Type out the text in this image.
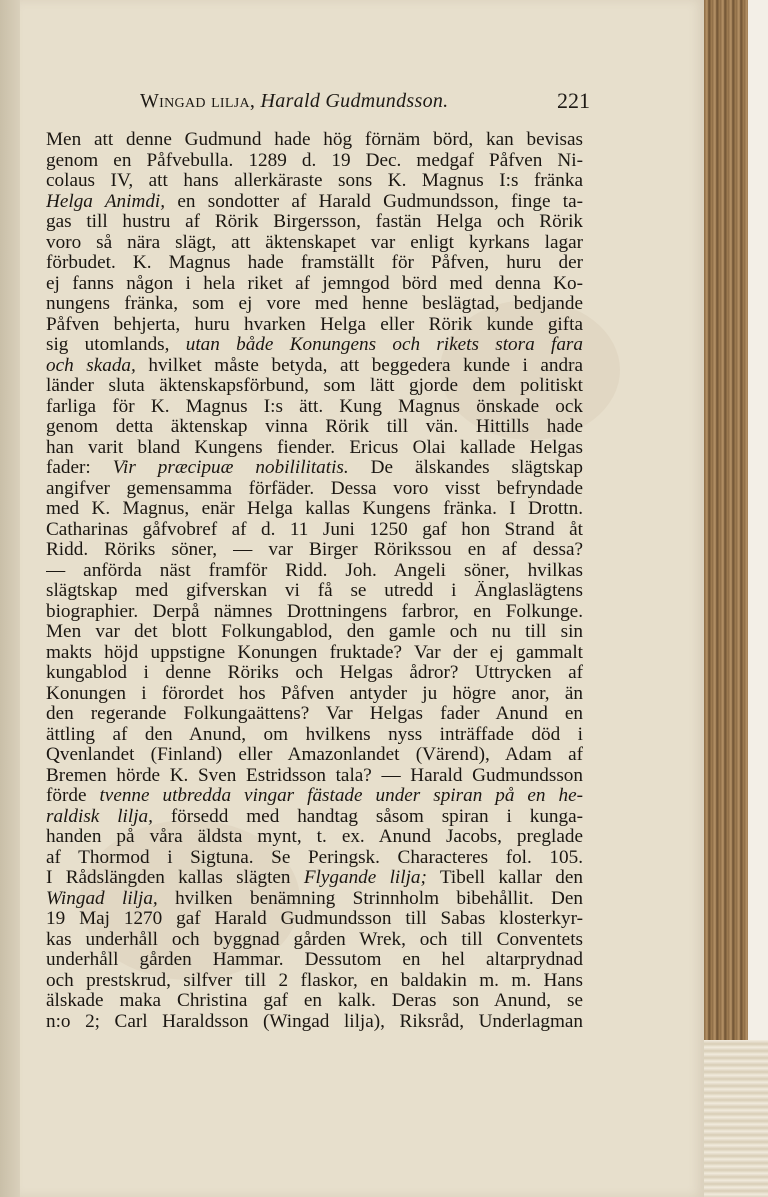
Wingad lilja, Harald Gudmundsson.	221
Men att denne Gudmund hade hög förnäm börd, kan bevisas
genom en Påfvebulla. 1289 d. 19 Dec. medgaf Påfven Ni-
colaus IV, att hans allerkäraste sons K. Magnus I:s fränka
Helga Animdi, en sondotter af Harald Gudmundsson, finge ta-
gas till hustru af Rörik Birgersson, fastän Helga och Rörik
voro så nära slägt, att äktenskapet var enligt kyrkans lagar
förbudet. K. Magnus hade framställt för Påfven, huru der
ej fanns någon i hela riket af jemngod börd med denna Ko-
nungens fränka, som ej vore med henne beslägtad, bedjande
Påfven behjerta, huru hvarken Helga eller Rörik kunde gifta
sig utomlands, utan både Konungens och rikets stora fara
och skada, hvilket måste betyda, att beggedera kunde i andra
länder sluta äktenskapsförbund, som lätt gjorde dem politiskt
farliga för K. Magnus I:s ätt. Kung Magnus önskade ock
genom detta äktenskap vinna Rörik till vän. Hittills hade
han varit bland Kungens fiender. Ericus Olai kallade Helgas
fader: Vir præcipuæ nobililitatis. De älskandes slägtskap
angifver gemensamma förfäder. Dessa voro visst befryndade
med K. Magnus, enär Helga kallas Kungens fränka. I Drottn.
Catharinas gåfvobref af d. 11 Juni 1250 gaf hon Strand åt
Ridd. Röriks söner, — var Birger Rörikssou en af dessa?
— anförda näst framför Ridd. Joh. Angeli söner, hvilkas
slägtskap med gifverskan vi få se utredd i Änglaslägtens
biographier. Derpå nämnes Drottningens farbror, en Folkunge.
Men var det blott Folkungablod, den gamle och nu till sin
makts höjd uppstigne Konungen fruktade? Var der ej gammalt
kungablod i denne Röriks och Helgas ådror? Uttrycken af
Konungen i förordet hos Påfven antyder ju högre anor, än
den regerande Folkungaättens? Var Helgas fader Anund en
ättling af den Anund, om hvilkens nyss inträffade död i
Qvenlandet (Finland) eller Amazonlandet (Värend), Adam af
Bremen hörde K. Sven Estridsson tala? — Harald Gudmundsson
förde tvenne utbredda vingar fästade under spiran på en he-
raldisk lilja, försedd med handtag såsom spiran i kunga-
handen på våra äldsta mynt, t. ex. Anund Jacobs, preglade
af Thormod i Sigtuna. Se Peringsk. Characteres fol. 105.
I Rådslängden kallas slägten Flygande lilja; Tibell kallar den
Wingad lilja, hvilken benämning Strinnholm bibehållit. Den
19 Maj 1270 gaf Harald Gudmundsson till Sabas klosterkyr-
kas underhåll och byggnad gården Wrek, och till Conventets
underhåll gården Hammar. Dessutom en hel altarprydnad
och prestskrud, silfver till 2 flaskor, en baldakin m. m. Hans
älskade maka Christina gaf en kalk. Deras son Anund, se
n:o 2; Carl Haraldsson (Wingad lilja), Riksråd, Underlagman
